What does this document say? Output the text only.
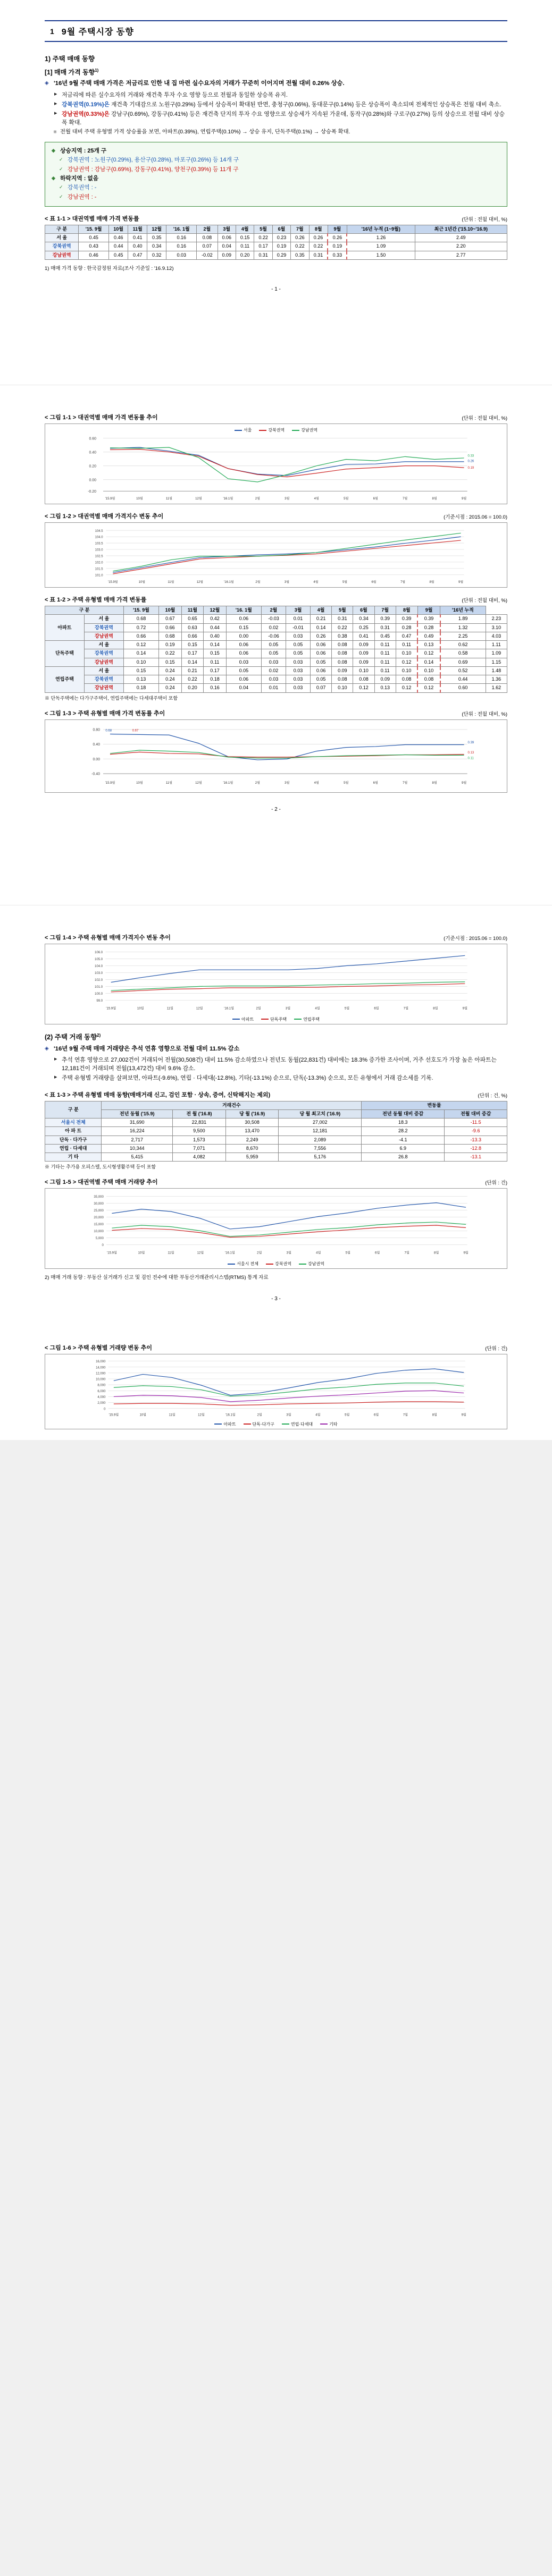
1 9월 주택시장 동향
1) 주택 매매 동향
[1] 매매 가격 동향$^{1)}$
◈ '16년 9월 주택 매매 가격은 저금리로 인한 내 집 마련 실수요자의 거래가 꾸준히 이어지며 전월 대비 0.26% 상승.
▶ 저금리에 따른 실수요자의 거래와 재건축 투자 수요 영향 등으로 전월과 동일한 상승폭 유지.
▶ 강북권역(0.19%)은 재건축 기대감으로 노원구(0.29%) 등에서 상승폭이 확대된 반면, 충청구(0.06%), 동대문구(0.14%) 등은 상승폭이 축소되며 전체적인 상승폭은 전월 대비 축소.
▶ 강남권역(0.33%)은 강남구(0.69%), 강동구(0.41%) 등은 재건축 단지의 투자 수요 영향으로 상승세가 지속된 가운데, 동작구(0.28%)와 구로구(0.27%) 등의 상승으로 전월 대비 상승폭 확대.
※ 전월 대비 주택 유형별 가격 상승률을 보면, 아파트(0.39%), 연립주택(0.10%) → 상승 유지, 단독주택(0.1%) → 상승폭 확대.
◈ 상승지역 : 25개 구
✓ 강북권역 : 노원구(0.29%), 용산구(0.28%), 마포구(0.26%) 등 14개 구
✓ 강남권역 : 강남구(0.69%), 강동구(0.41%), 양천구(0.39%) 등 11개 구
◈ 하락지역 : 없음
✓ 강북권역 : -
✓ 강남권역 : -
< 표 1-1 > 대권역별 매매 가격 변동률	(단위 : 전월 대비, %)
구 분	'15. 9월	10월	11월	12월	'16. 1월	2월	3월	4월	5월	6월	7월	8월	9월	'16년 누적 (1~9월)	최근 1년간 ('15.10~'16.9)
서 울	0.45	0.46	0.41	0.35	0.16	0.08	0.06	0.15	0.22	0.23	0.26	0.26	0.26	1.26	2.49
강북권역	0.43	0.44	0.40	0.34	0.16	0.07	0.04	0.11	0.17	0.19	0.22	0.22	0.19	1.09	2.20
강남권역	0.46	0.45	0.47	0.32	0.03	-0.02	0.09	0.20	0.31	0.29	0.35	0.31	0.33	1.50	2.77
1) 매매 가격 동향 : 한국감정원 자료(조사 기준일 : '16.9.12)
- 1 -
< 그림 1-1 > 대권역별 매매 가격 변동률 추이	(단위 : 전월 대비, %)
서울	강북권역	강남권역
0.60
0.40
0.20
0.00
-0.20
'15.9월	10월	11월	12월	'16.1월	2월	3월	4월	5월	6월	7월	8월	9월
0.33
0.26
0.19
< 그림 1-2 > 대권역별 매매 가격지수 변동 추이	(기준시점 : 2015.06 = 100.0)
104.5
104.0
103.5
103.0
102.5
102.0
101.5
101.0
'15.9월	10월	11월	12월	'16.1월	2월	3월	4월	5월	6월	7월	8월	9월
< 표 1-2 > 주택 유형별 매매 가격 변동률	(단위 : 전월 대비, %)
구 분		'15. 9월	10월	11월	12월	'16. 1월	2월	3월	4월	5월	6월	7월	8월	9월	'16년 누적	
아파트	서 울	0.68	0.67	0.65	0.42	0.06	-0.03	0.01	0.21	0.31	0.34	0.39	0.39	0.39	1.89	2.23
	강북권역	0.72	0.66	0.63	0.44	0.15	0.02	-0.01	0.14	0.22	0.25	0.31	0.28	0.28	1.32	3.10
	강남권역	0.66	0.68	0.66	0.40	0.00	-0.06	0.03	0.26	0.38	0.41	0.45	0.47	0.49	2.25	4.03
단독주택	서 울	0.12	0.19	0.15	0.14	0.06	0.05	0.05	0.06	0.08	0.09	0.11	0.11	0.13	0.62	1.11
	강북권역	0.14	0.22	0.17	0.15	0.06	0.05	0.05	0.06	0.08	0.09	0.11	0.10	0.12	0.58	1.09
	강남권역	0.10	0.15	0.14	0.11	0.03	0.03	0.03	0.05	0.08	0.09	0.11	0.12	0.14	0.69	1.15
연립주택	서 울	0.15	0.24	0.21	0.17	0.05	0.02	0.03	0.06	0.09	0.10	0.11	0.10	0.10	0.52	1.48
	강북권역	0.13	0.24	0.22	0.18	0.06	0.03	0.03	0.05	0.08	0.08	0.09	0.08	0.08	0.44	1.36
	강남권역	0.18	0.24	0.20	0.16	0.04	0.01	0.03	0.07	0.10	0.12	0.13	0.12	0.12	0.60	1.62
※ 단독주택에는 다가구주택이, 연립주택에는 다세대주택이 포함
< 그림 1-3 > 주택 유형별 매매 가격 변동률 추이	(단위 : 전월 대비, %)
0.80
0.40
0.00
-0.40
'15.9월	10월	11월	12월	'16.1월	2월	3월	4월	5월	6월	7월	8월	9월
0.68	0.67
0.39
0.13
0.11
- 2 -
< 그림 1-4 > 주택 유형별 매매 가격지수 변동 추이	(기준시점 : 2015.06 = 100.0)
106.0
105.0
104.0
103.0
102.0
101.0
100.0
99.0
'15.9월	10월	11월	12월	'16.1월	2월	3월	4월	5월	6월	7월	8월	9월
아파트	단독주택	연립주택
(2) 주택 거래 동향$^{2)}$
◈ '16년 9월 주택 매매 거래량은 추석 연휴 영향으로 전월 대비 11.5% 감소
▶ 추석 연휴 영향으로 27,002건이 거래되어 전월(30,508건) 대비 11.5% 감소하였으나 전년도 동월(22,831건) 대비에는 18.3% 증가한 조사이며, 거주 선호도가 가장 높은 아파트는 12,181건이 거래되며 전월(13,472건) 대비 9.6% 감소.
▶ 주택 유형별 거래량을 살펴보면, 아파트(-9.6%), 연립 · 다세대(-12.8%), 기타(-13.1%) 순으로, 단독(-13.3%) 순으로, 모든 유형에서 거래 감소세를 기록.
< 표 1-3 > 주택 유형별 매매 동향(매매거래 신고, 검인 포함 · 상속, 증여, 신탁해지는 제외)	(단위 : 건, %)
구 분	거래건수				변동률	
	전년 동월 ('15.9)	전 월 ('16.8)	당 월 ('16.9)	당 월 최고치 ('16.9)	전년 동월 대비 증감	전월 대비 증감
서울시 전체	31,690	22,831	30,508	27,002	18.3	-11.5
아 파 트	16,224	9,500	13,470	12,181	28.2	-9.6
단독 · 다가구	2,717	1,573	2,249	2,089	-4.1	-13.3
연립 · 다세대	10,344	7,071	8,670	7,556	6.9	-12.8
기 타	5,415	4,082	5,959	5,176	26.8	-13.1
※ 기타는 추가용 오피스텔, 도시형생활주택 등이 포함
< 그림 1-5 > 대권역별 주택 매매 거래량 추이	(단위 : 건)
35,000
30,000
25,000
20,000
15,000
10,000
5,000
0
'15.9월	10월	11월	12월	'16.1월	2월	3월	4월	5월	6월	7월	8월	9월
서울시 전체	강북권역	강남권역
2) 매매 거래 동향 : 부동산 실거래가 신고 및 검인 전수에 대한 부동산거래관리시스템(RTMS) 통계 자료
- 3 -
< 그림 1-6 > 주택 유형별 거래량 변동 추이	(단위 : 건)
16,000
14,000
12,000
10,000
8,000
6,000
4,000
2,000
0
'15.9월	10월	11월	12월	'16.1월	2월	3월	4월	5월	6월	7월	8월	9월
아파트	단독·다가구	연립·다세대	기타
